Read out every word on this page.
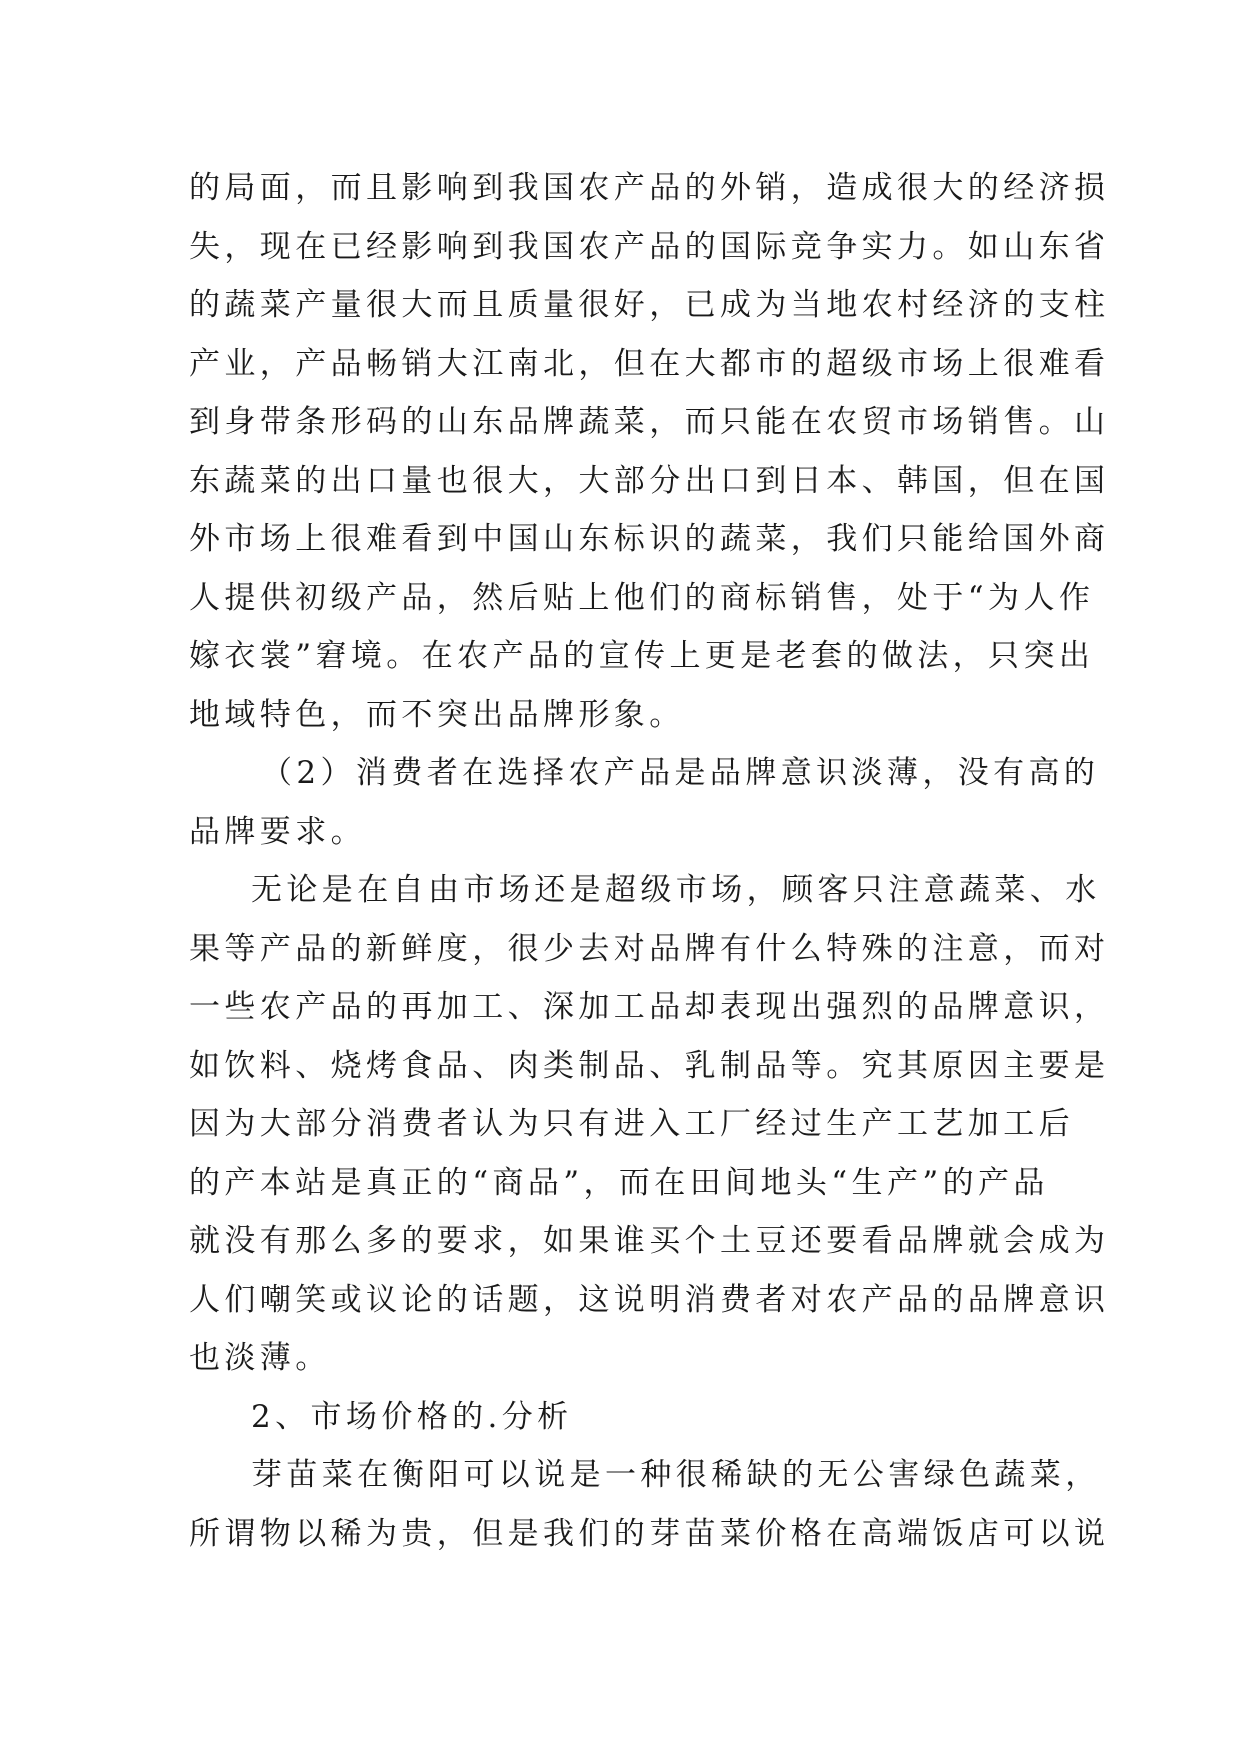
的局面，而且影响到我国农产品的外销，造成很大的经济损
失，现在已经影响到我国农产品的国际竞争实力。如山东省
的蔬菜产量很大而且质量很好，已成为当地农村经济的支柱
产业，产品畅销大江南北，但在大都市的超级市场上很难看
到身带条形码的山东品牌蔬菜，而只能在农贸市场销售。山
东蔬菜的出口量也很大，大部分出口到日本、韩国，但在国
外市场上很难看到中国山东标识的蔬菜，我们只能给国外商
人提供初级产品，然后贴上他们的商标销售，处于“为人作
嫁衣裳”窘境。在农产品的宣传上更是老套的做法，只突出
地域特色，而不突出品牌形象。
（2）消费者在选择农产品是品牌意识淡薄，没有高的
品牌要求。
无论是在自由市场还是超级市场，顾客只注意蔬菜、水
果等产品的新鲜度，很少去对品牌有什么特殊的注意，而对
一些农产品的再加工、深加工品却表现出强烈的品牌意识，
如饮料、烧烤食品、肉类制品、乳制品等。究其原因主要是
因为大部分消费者认为只有进入工厂经过生产工艺加工后
的产本站是真正的“商品”，而在田间地头“生产”的产品
就没有那么多的要求，如果谁买个土豆还要看品牌就会成为
人们嘲笑或议论的话题，这说明消费者对农产品的品牌意识
也淡薄。
2、市场价格的.分析
芽苗菜在衡阳可以说是一种很稀缺的无公害绿色蔬菜，
所谓物以稀为贵，但是我们的芽苗菜价格在高端饭店可以说
